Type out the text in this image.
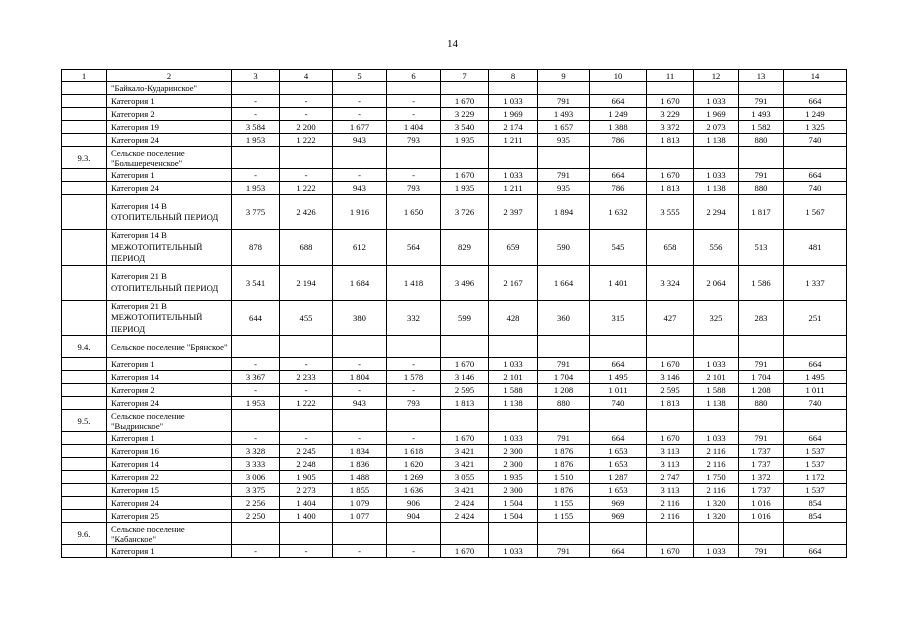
14
1	2	3	4	5	6	7	8	9	10	11	12	13	14
	"Байкало-Кударинское"												
	Категория 1	-	-	-	-	1 670	1 033	791	664	1 670	1 033	791	664
	Категория 2	-	-	-	-	3 229	1 969	1 493	1 249	3 229	1 969	1 493	1 249
	Категория 19	3 584	2 200	1 677	1 404	3 540	2 174	1 657	1 388	3 372	2 073	1 582	1 325
	Категория 24	1 953	1 222	943	793	1 935	1 211	935	786	1 813	1 138	880	740
9.3.	Сельское поселение "Большереченское"												
	Категория 1	-	-	-	-	1 670	1 033	791	664	1 670	1 033	791	664
	Категория 24	1 953	1 222	943	793	1 935	1 211	935	786	1 813	1 138	880	740
	Категория 14 В ОТОПИТЕЛЬНЫЙ ПЕРИОД	3 775	2 426	1 916	1 650	3 726	2 397	1 894	1 632	3 555	2 294	1 817	1 567
	Категория 14 В МЕЖОТОПИТЕЛЬНЫЙ ПЕРИОД	878	688	612	564	829	659	590	545	658	556	513	481
	Категория 21 В ОТОПИТЕЛЬНЫЙ ПЕРИОД	3 541	2 194	1 684	1 418	3 496	2 167	1 664	1 401	3 324	2 064	1 586	1 337
	Категория 21 В МЕЖОТОПИТЕЛЬНЫЙ ПЕРИОД	644	455	380	332	599	428	360	315	427	325	283	251
9.4.	Сельское поселение "Брянское"												
	Категория 1	-	-	-	-	1 670	1 033	791	664	1 670	1 033	791	664
	Категория 14	3 367	2 233	1 804	1 578	3 146	2 101	1 704	1 495	3 146	2 101	1 704	1 495
	Категория 2	-	-	-	-	2 595	1 588	1 208	1 011	2 595	1 588	1 208	1 011
	Категория 24	1 953	1 222	943	793	1 813	1 138	880	740	1 813	1 138	880	740
9.5.	Сельское поселение "Выдринское"												
	Категория 1	-	-	-	-	1 670	1 033	791	664	1 670	1 033	791	664
	Категория 16	3 328	2 245	1 834	1 618	3 421	2 300	1 876	1 653	3 113	2 116	1 737	1 537
	Категория 14	3 333	2 248	1 836	1 620	3 421	2 300	1 876	1 653	3 113	2 116	1 737	1 537
	Категория 22	3 006	1 905	1 488	1 269	3 055	1 935	1 510	1 287	2 747	1 750	1 372	1 172
	Категория 15	3 375	2 273	1 855	1 636	3 421	2 300	1 876	1 653	3 113	2 116	1 737	1 537
	Категория 24	2 256	1 404	1 079	906	2 424	1 504	1 155	969	2 116	1 320	1 016	854
	Категория 25	2 250	1 400	1 077	904	2 424	1 504	1 155	969	2 116	1 320	1 016	854
9.6.	Сельское поселение "Кабанское"												
	Категория 1	-	-	-	-	1 670	1 033	791	664	1 670	1 033	791	664
